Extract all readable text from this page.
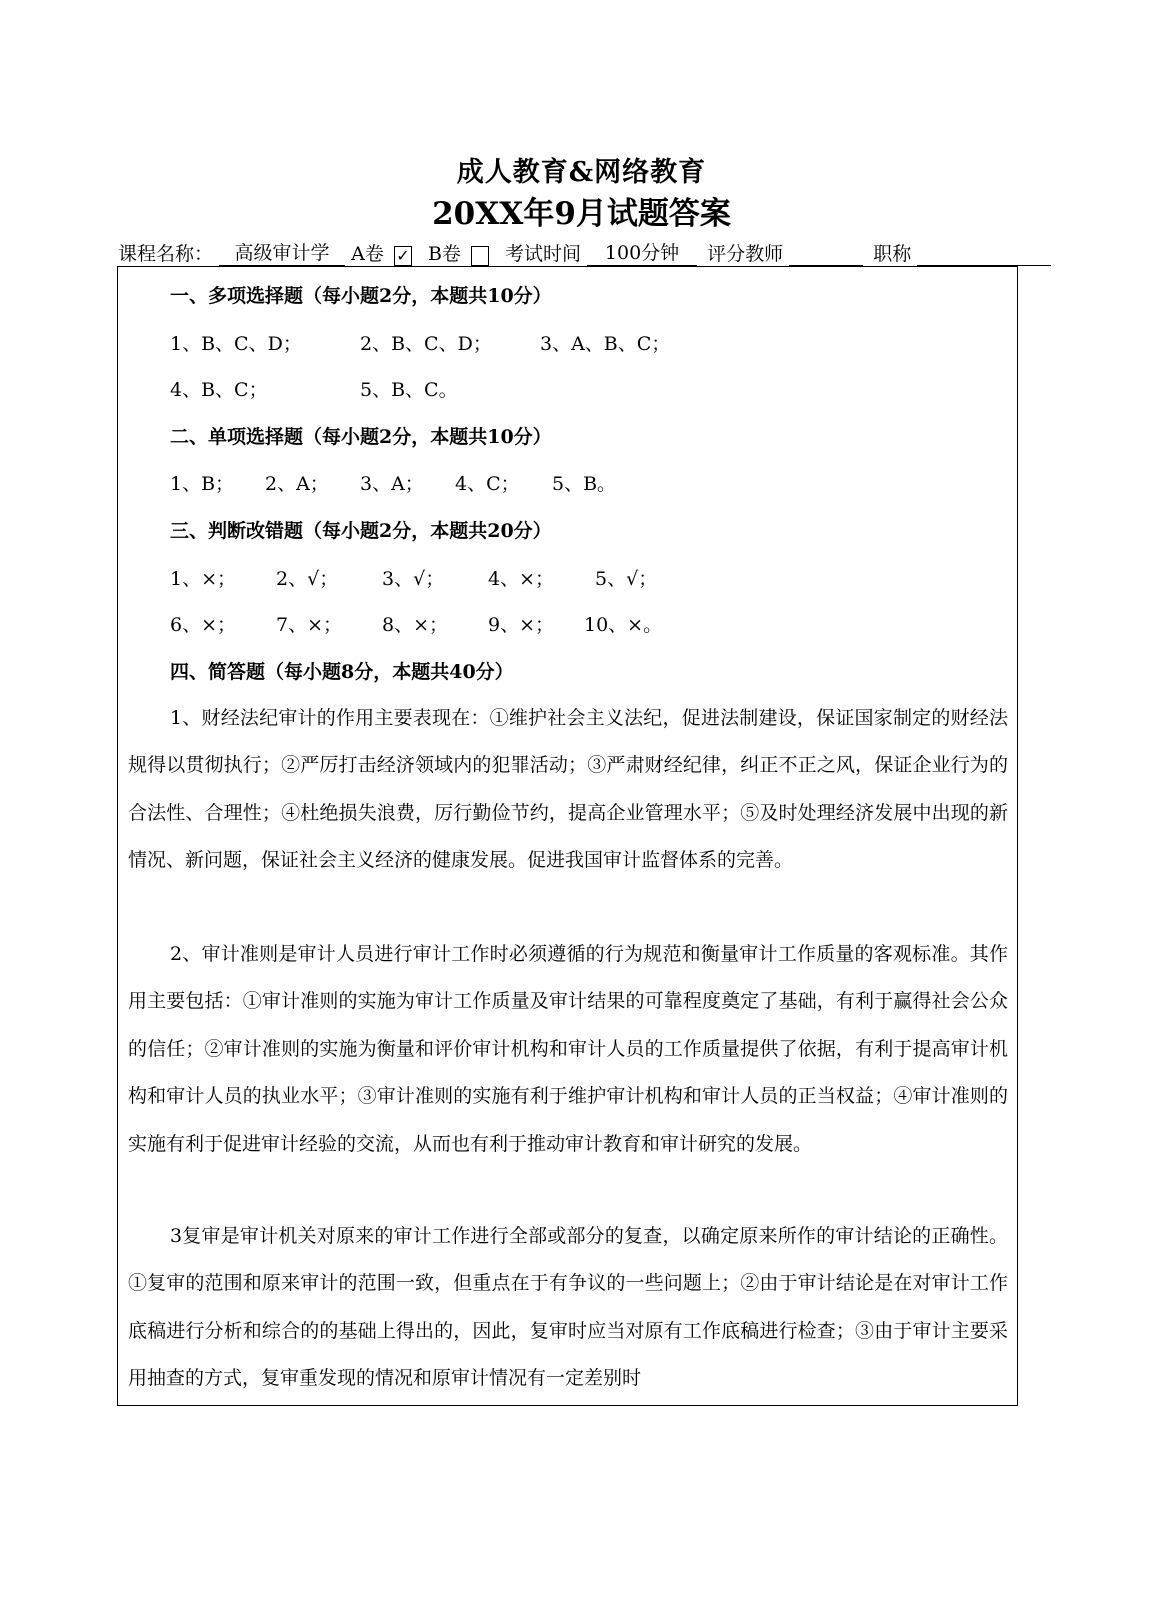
成人教育&网络教育
20XX年9月试题答案
课程名称： 高级审计学 A卷 ✓ B卷 考试时间 100分钟 评分教师	职称
一、多项选择题（每小题2分，本题共10分）
1、B、C、D；	2、B、C、D；	3、A、B、C；
4、B、C；	5、B、C。
二、单项选择题（每小题2分，本题共10分）
1、B； 2、A； 3、A； 4、C； 5、B。
三、判断改错题（每小题2分，本题共20分）
1、×； 2、√； 3、√； 4、×； 5、√；
6、×； 7、×； 8、×； 9、×； 10、×。
四、简答题（每小题8分，本题共40分）

1、财经法纪审计的作用主要表现在：①维护社会主义法纪，促进法制建设，保证国家制定的财经法规得以贯彻执行；②严厉打击经济领域内的犯罪活动；③严肃财经纪律，纠正不正之风，保证企业行为的合法性、合理性；④杜绝损失浪费，厉行勤俭节约，提高企业管理水平；⑤及时处理经济发展中出现的新情况、新问题，保证社会主义经济的健康发展。促进我国审计监督体系的完善。

2、审计准则是审计人员进行审计工作时必须遵循的行为规范和衡量审计工作质量的客观标准。其作用主要包括：①审计准则的实施为审计工作质量及审计结果的可靠程度奠定了基础，有利于赢得社会公众的信任；②审计准则的实施为衡量和评价审计机构和审计人员的工作质量提供了依据，有利于提高审计机构和审计人员的执业水平；③审计准则的实施有利于维护审计机构和审计人员的正当权益；④审计准则的实施有利于促进审计经验的交流，从而也有利于推动审计教育和审计研究的发展。

3复审是审计机关对原来的审计工作进行全部或部分的复查，以确定原来所作的审计结论的正确性。①复审的范围和原来审计的范围一致，但重点在于有争议的一些问题上；②由于审计结论是在对审计工作底稿进行分析和综合的的基础上得出的，因此，复审时应当对原有工作底稿进行检查；③由于审计主要采用抽查的方式，复审重发现的情况和原审计情况有一定差别时
